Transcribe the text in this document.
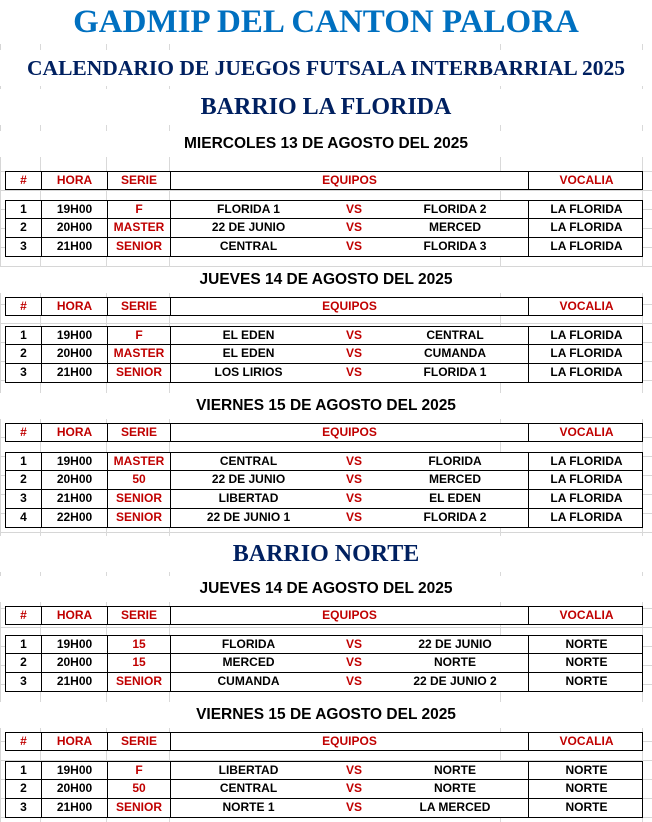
GADMIP DEL CANTON PALORA
CALENDARIO DE JUEGOS FUTSALA INTERBARRIAL 2025
BARRIO LA FLORIDA
MIERCOLES 13 DE AGOSTO DEL 2025
#	HORA	SERIE	EQUIPOS	VOCALIA
1	19H00	F	FLORIDA 1	VS	FLORIDA 2	LA FLORIDA
2	20H00	MASTER	22 DE JUNIO	VS	MERCED	LA FLORIDA
3	21H00	SENIOR	CENTRAL	VS	FLORIDA 3	LA FLORIDA
JUEVES 14 DE AGOSTO DEL 2025
#	HORA	SERIE	EQUIPOS	VOCALIA
1	19H00	F	EL EDEN	VS	CENTRAL	LA FLORIDA
2	20H00	MASTER	EL EDEN	VS	CUMANDA	LA FLORIDA
3	21H00	SENIOR	LOS LIRIOS	VS	FLORIDA 1	LA FLORIDA
VIERNES 15 DE AGOSTO DEL 2025
#	HORA	SERIE	EQUIPOS	VOCALIA
1	19H00	MASTER	CENTRAL	VS	FLORIDA	LA FLORIDA
2	20H00	50	22 DE JUNIO	VS	MERCED	LA FLORIDA
3	21H00	SENIOR	LIBERTAD	VS	EL EDEN	LA FLORIDA
4	22H00	SENIOR	22 DE JUNIO 1	VS	FLORIDA 2	LA FLORIDA
BARRIO NORTE
JUEVES 14 DE AGOSTO DEL 2025
#	HORA	SERIE	EQUIPOS	VOCALIA
1	19H00	15	FLORIDA	VS	22 DE JUNIO	NORTE
2	20H00	15	MERCED	VS	NORTE	NORTE
3	21H00	SENIOR	CUMANDA	VS	22 DE JUNIO 2	NORTE
VIERNES 15 DE AGOSTO DEL 2025
#	HORA	SERIE	EQUIPOS	VOCALIA
1	19H00	F	LIBERTAD	VS	NORTE	NORTE
2	20H00	50	CENTRAL	VS	NORTE	NORTE
3	21H00	SENIOR	NORTE 1	VS	LA MERCED	NORTE
